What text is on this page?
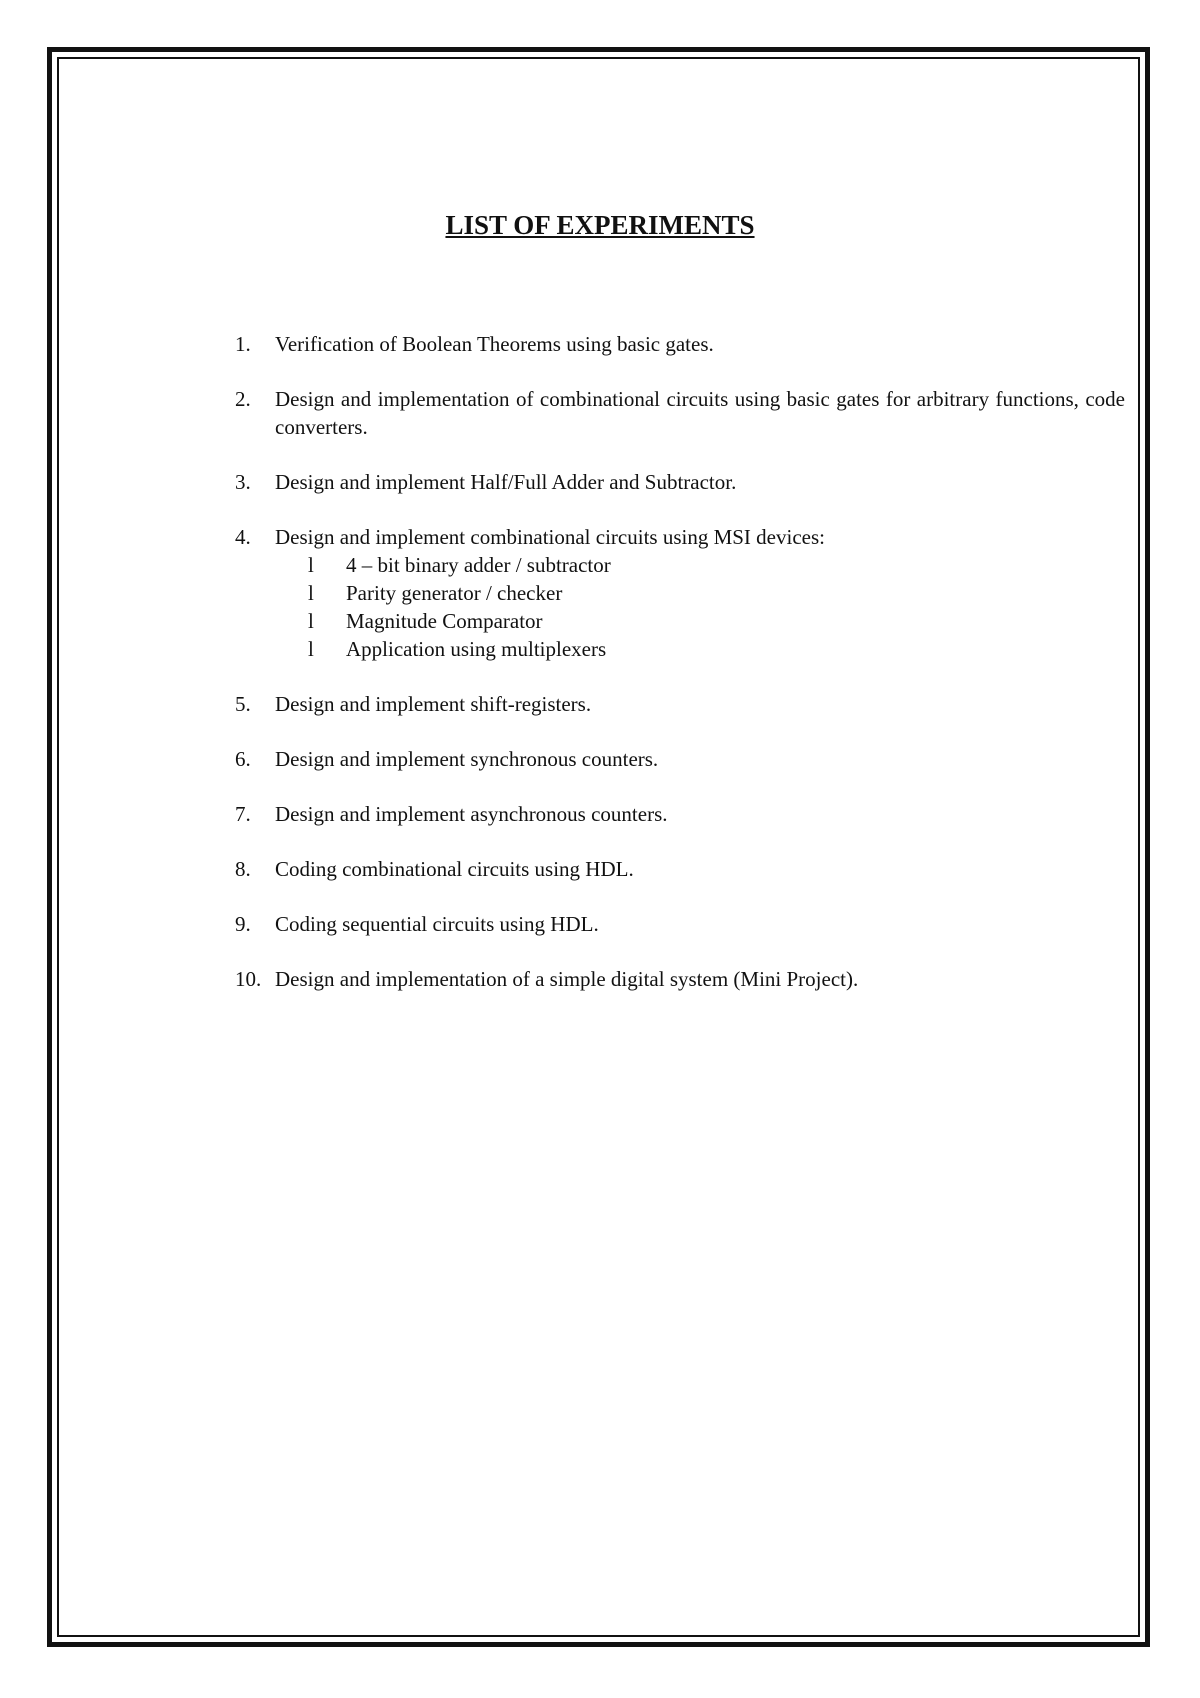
LIST OF EXPERIMENTS
1.	Verification of Boolean Theorems using basic gates.
2.	Design and implementation of combinational circuits using basic gates for arbitrary functions, code converters.
3.	Design and implement Half/Full Adder and Subtractor.
4.	Design and implement combinational circuits using MSI devices:
l	4 – bit binary adder / subtractor
l	Parity generator / checker
l	Magnitude Comparator
l	Application using multiplexers
5.	Design and implement shift-registers.
6.	Design and implement synchronous counters.
7.	Design and implement asynchronous counters.
8.	Coding combinational circuits using HDL.
9.	Coding sequential circuits using HDL.
10. Design and implementation of a simple digital system (Mini Project).
